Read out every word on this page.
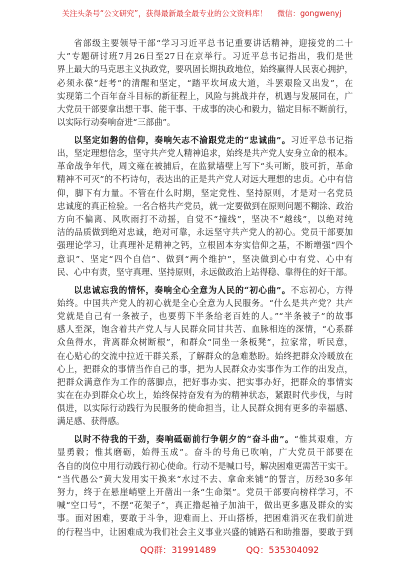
关注头条号“公文研究”，获得最新最全最专业的公文资料库！ 微信：gongwenyj
省部级主要领导干部“学习习近平总书记重要讲话精神，迎接党的二十
大”专题研讨班7月26日至27日在京举行。习近平总书记指出，我们是世
界上最大的马克思主义执政党，要巩固长期执政地位，始终赢得人民衷心拥护，
必须永葆“赶考”的清醒和坚定，“踏平坎坷成大道，斗罢艰险又出发”，在
实现第二个百年奋斗目标的新征程上，风险与挑战并存，机遇与发展同在，广
大党员干部要拿出想干事、能干事、干成事的决心和毅力，锚定目标不断前行，
以实际行动奏响奋进“三部曲”。
以坚定如磐的信仰，奏响矢志不渝跟党走的“忠诚曲”。习近平总书记指
出，坚定理想信念，坚守共产党人精神追求，始终是共产党人安身立命的根本。
革命战争年代，周文雍在被捕后，在监狱墙壁上写下“头可断，肢可折，革命
精神不可灭”的不朽诗句，表达出的正是共产党人对远大理想的忠贞。心中有信
仰，脚下有力量。不管在什么时期，坚定党性、坚持原则，才是对一名党员
忠诚度的真正检验。一名合格共产党员，就一定要做到在原则问题不糊涂、政治
方向不偏离、风吹雨打不动摇，自觉不“撞线”，坚决不“越线”，以绝对纯
洁的品质做到绝对忠诚，绝对可靠，永远坚守共产党人的初心。党员干部要加
强理论学习，让真理补足精神之钙，立根固本夯实信仰之基，不断增强“四个
意识”、坚定“四个自信”、做到“两个维护”，坚决做到心中有党、心中有
民、心中有责，坚守真理、坚持原则，永远做政治上站得稳、靠得住的好干部。
以忠诚忘我的情怀，奏响全心全意为人民的“初心曲”。不忘初心，方得
始终。中国共产党人的初心就是全心全意为人民服务。“什么是共产党？共产
党就是自己有一条被子，也要剪下半条给老百姓的人。”“半条被子”的故事
感人至深，饱含着共产党人与人民群众同甘共苦、血脉相连的深情，“心系群
众鱼得水，背离群众树断根”，和群众“同坐一条板凳”，拉家常，听民意，
在心贴心的交流中拉近干群关系，了解群众的急难愁盼。始终把群众冷暖放在
心上，把群众的事情当作自己的事，把为人民群众办实事作为工作的出发点，
把群众满意作为工作的落脚点，把好事办实、把实事办好，把群众的事情实
实在在办到群众心坎上，始终保持奋发有为的精神状态，紧跟时代步伐，与时
俱进，以实际行动践行为民服务的使命担当，让人民群众拥有更多的幸福感、
满足感、获得感。
以时不待我的干劲，奏响砥砺前行争朝夕的“奋斗曲”。“惟其艰难，方
显勇毅；惟其磨砺，始得玉成”。奋斗的号角已吹响，广大党员干部要在
各自的岗位中用行动践行初心使命。行动不是喊口号，解决困难更需苦干实干。
“当代愚公”黄大发用实干换来“水过不去、拿命来铺”的誓言，历经30多年
努力，终于在悬崖峭壁上开凿出一条“生命渠”。党员干部要向榜样学习，不
喊“空口号”，不摆“花架子”，真正撸起袖子加油干，做出更多惠及群众的实
事。面对困难，要敢于斗争，迎难而上、开山搭桥，把困难消灭在我们前进
的行程当中，让困难成为我们社会主义事业兴盛的铺路石和助推器，要敢于到
QQ群：31991489	QQ：535304092
